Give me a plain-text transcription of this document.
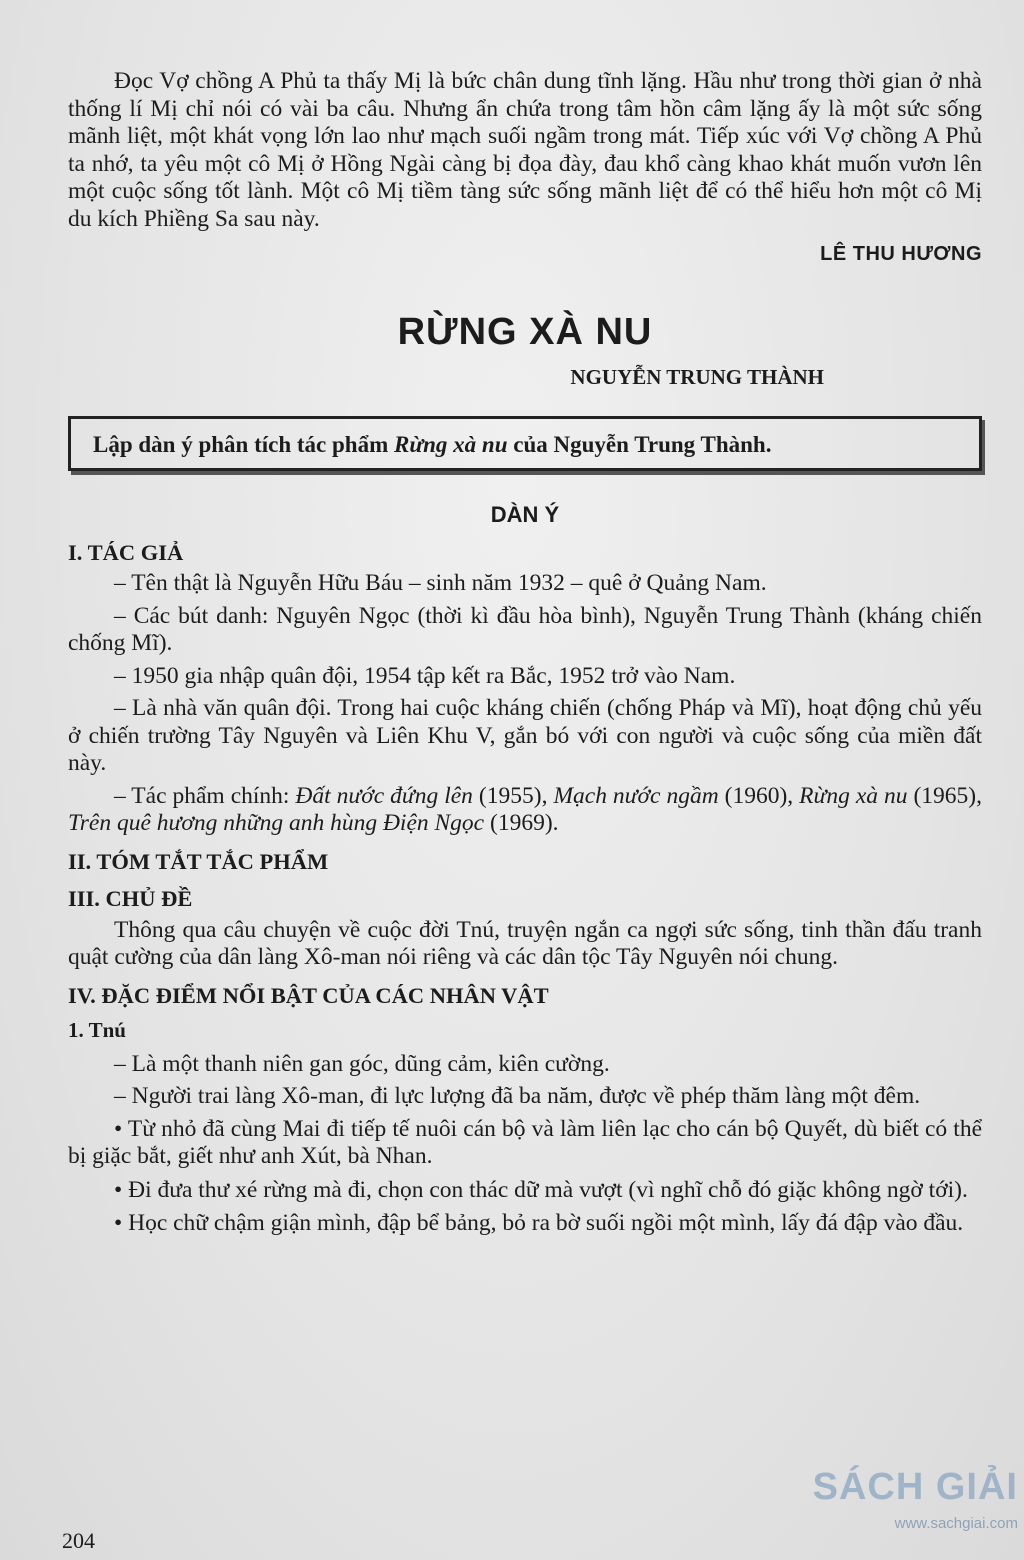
Đọc Vợ chồng A Phủ ta thấy Mị là bức chân dung tĩnh lặng. Hầu như trong thời gian ở nhà thống lí Mị chỉ nói có vài ba câu. Nhưng ẩn chứa trong tâm hồn câm lặng ấy là một sức sống mãnh liệt, một khát vọng lớn lao như mạch suối ngầm trong mát. Tiếp xúc với Vợ chồng A Phủ ta nhớ, ta yêu một cô Mị ở Hồng Ngài càng bị đọa đày, đau khổ càng khao khát muốn vươn lên một cuộc sống tốt lành. Một cô Mị tiềm tàng sức sống mãnh liệt để có thể hiểu hơn một cô Mị du kích Phiềng Sa sau này.

LÊ THU HƯƠNG
RỪNG XÀ NU
NGUYỄN TRUNG THÀNH
Lập dàn ý phân tích tác phẩm Rừng xà nu của Nguyễn Trung Thành.
DÀN Ý
I. TÁC GIẢ

– Tên thật là Nguyễn Hữu Báu – sinh năm 1932 – quê ở Quảng Nam.

– Các bút danh: Nguyên Ngọc (thời kì đầu hòa bình), Nguyễn Trung Thành (kháng chiến chống Mĩ).

– 1950 gia nhập quân đội, 1954 tập kết ra Bắc, 1952 trở vào Nam.

– Là nhà văn quân đội. Trong hai cuộc kháng chiến (chống Pháp và Mĩ), hoạt động chủ yếu ở chiến trường Tây Nguyên và Liên Khu V, gắn bó với con người và cuộc sống của miền đất này.

– Tác phẩm chính: Đất nước đứng lên (1955), Mạch nước ngầm (1960), Rừng xà nu (1965), Trên quê hương những anh hùng Điện Ngọc (1969).

II. TÓM TẮT TẮC PHẨM
III. CHỦ ĐỀ

Thông qua câu chuyện về cuộc đời Tnú, truyện ngắn ca ngợi sức sống, tinh thần đấu tranh quật cường của dân làng Xô-man nói riêng và các dân tộc Tây Nguyên nói chung.

IV. ĐẶC ĐIỂM NỔI BẬT CỦA CÁC NHÂN VẬT
1. Tnú

– Là một thanh niên gan góc, dũng cảm, kiên cường.

– Người trai làng Xô-man, đi lực lượng đã ba năm, được về phép thăm làng một đêm.

• Từ nhỏ đã cùng Mai đi tiếp tế nuôi cán bộ và làm liên lạc cho cán bộ Quyết, dù biết có thể bị giặc bắt, giết như anh Xút, bà Nhan.

• Đi đưa thư xé rừng mà đi, chọn con thác dữ mà vượt (vì nghĩ chỗ đó giặc không ngờ tới).

• Học chữ chậm giận mình, đập bể bảng, bỏ ra bờ suối ngồi một mình, lấy đá đập vào đầu.

204
SÁCH GIẢI
www.sachgiai.com
